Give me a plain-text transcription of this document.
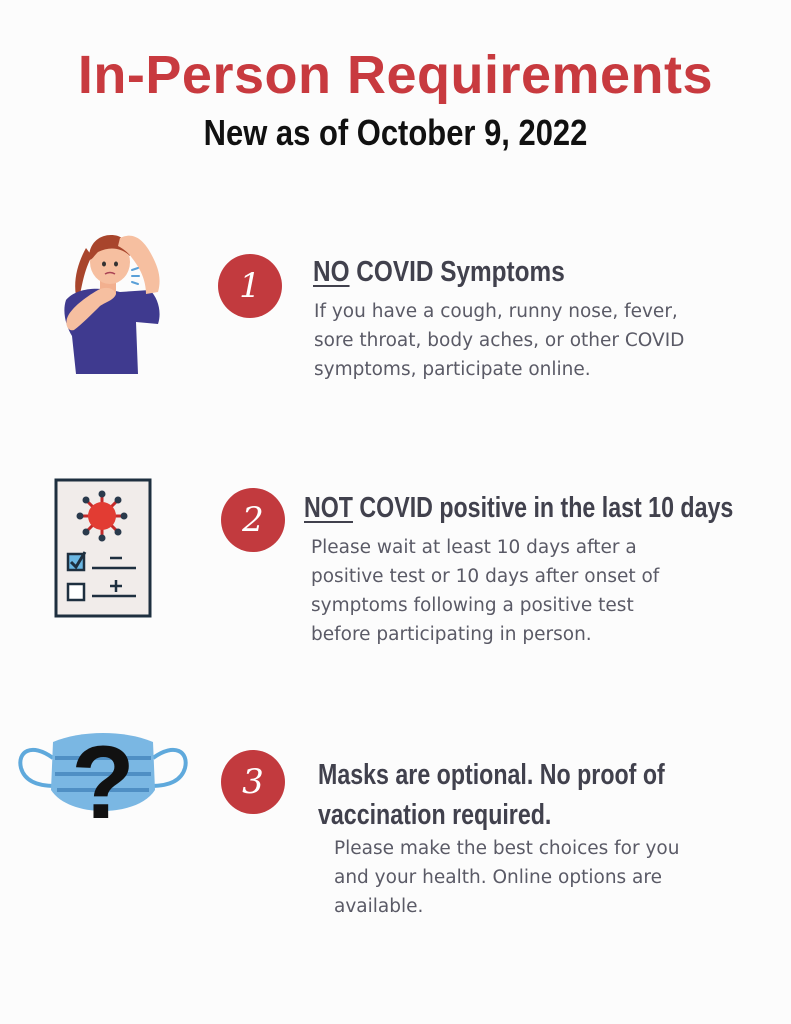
In-Person Requirements
New as of October 9, 2022
1	NO COVID Symptoms
If you have a cough, runny nose, fever,
sore throat, body aches, or other COVID
symptoms, participate online.
2	NOT COVID positive in the last 10 days
Please wait at least 10 days after a
positive test or 10 days after onset of
symptoms following a positive test
before participating in person.
?	3	Masks are optional. No proof of
vaccination required.
Please make the best choices for you
and your health. Online options are
available.
